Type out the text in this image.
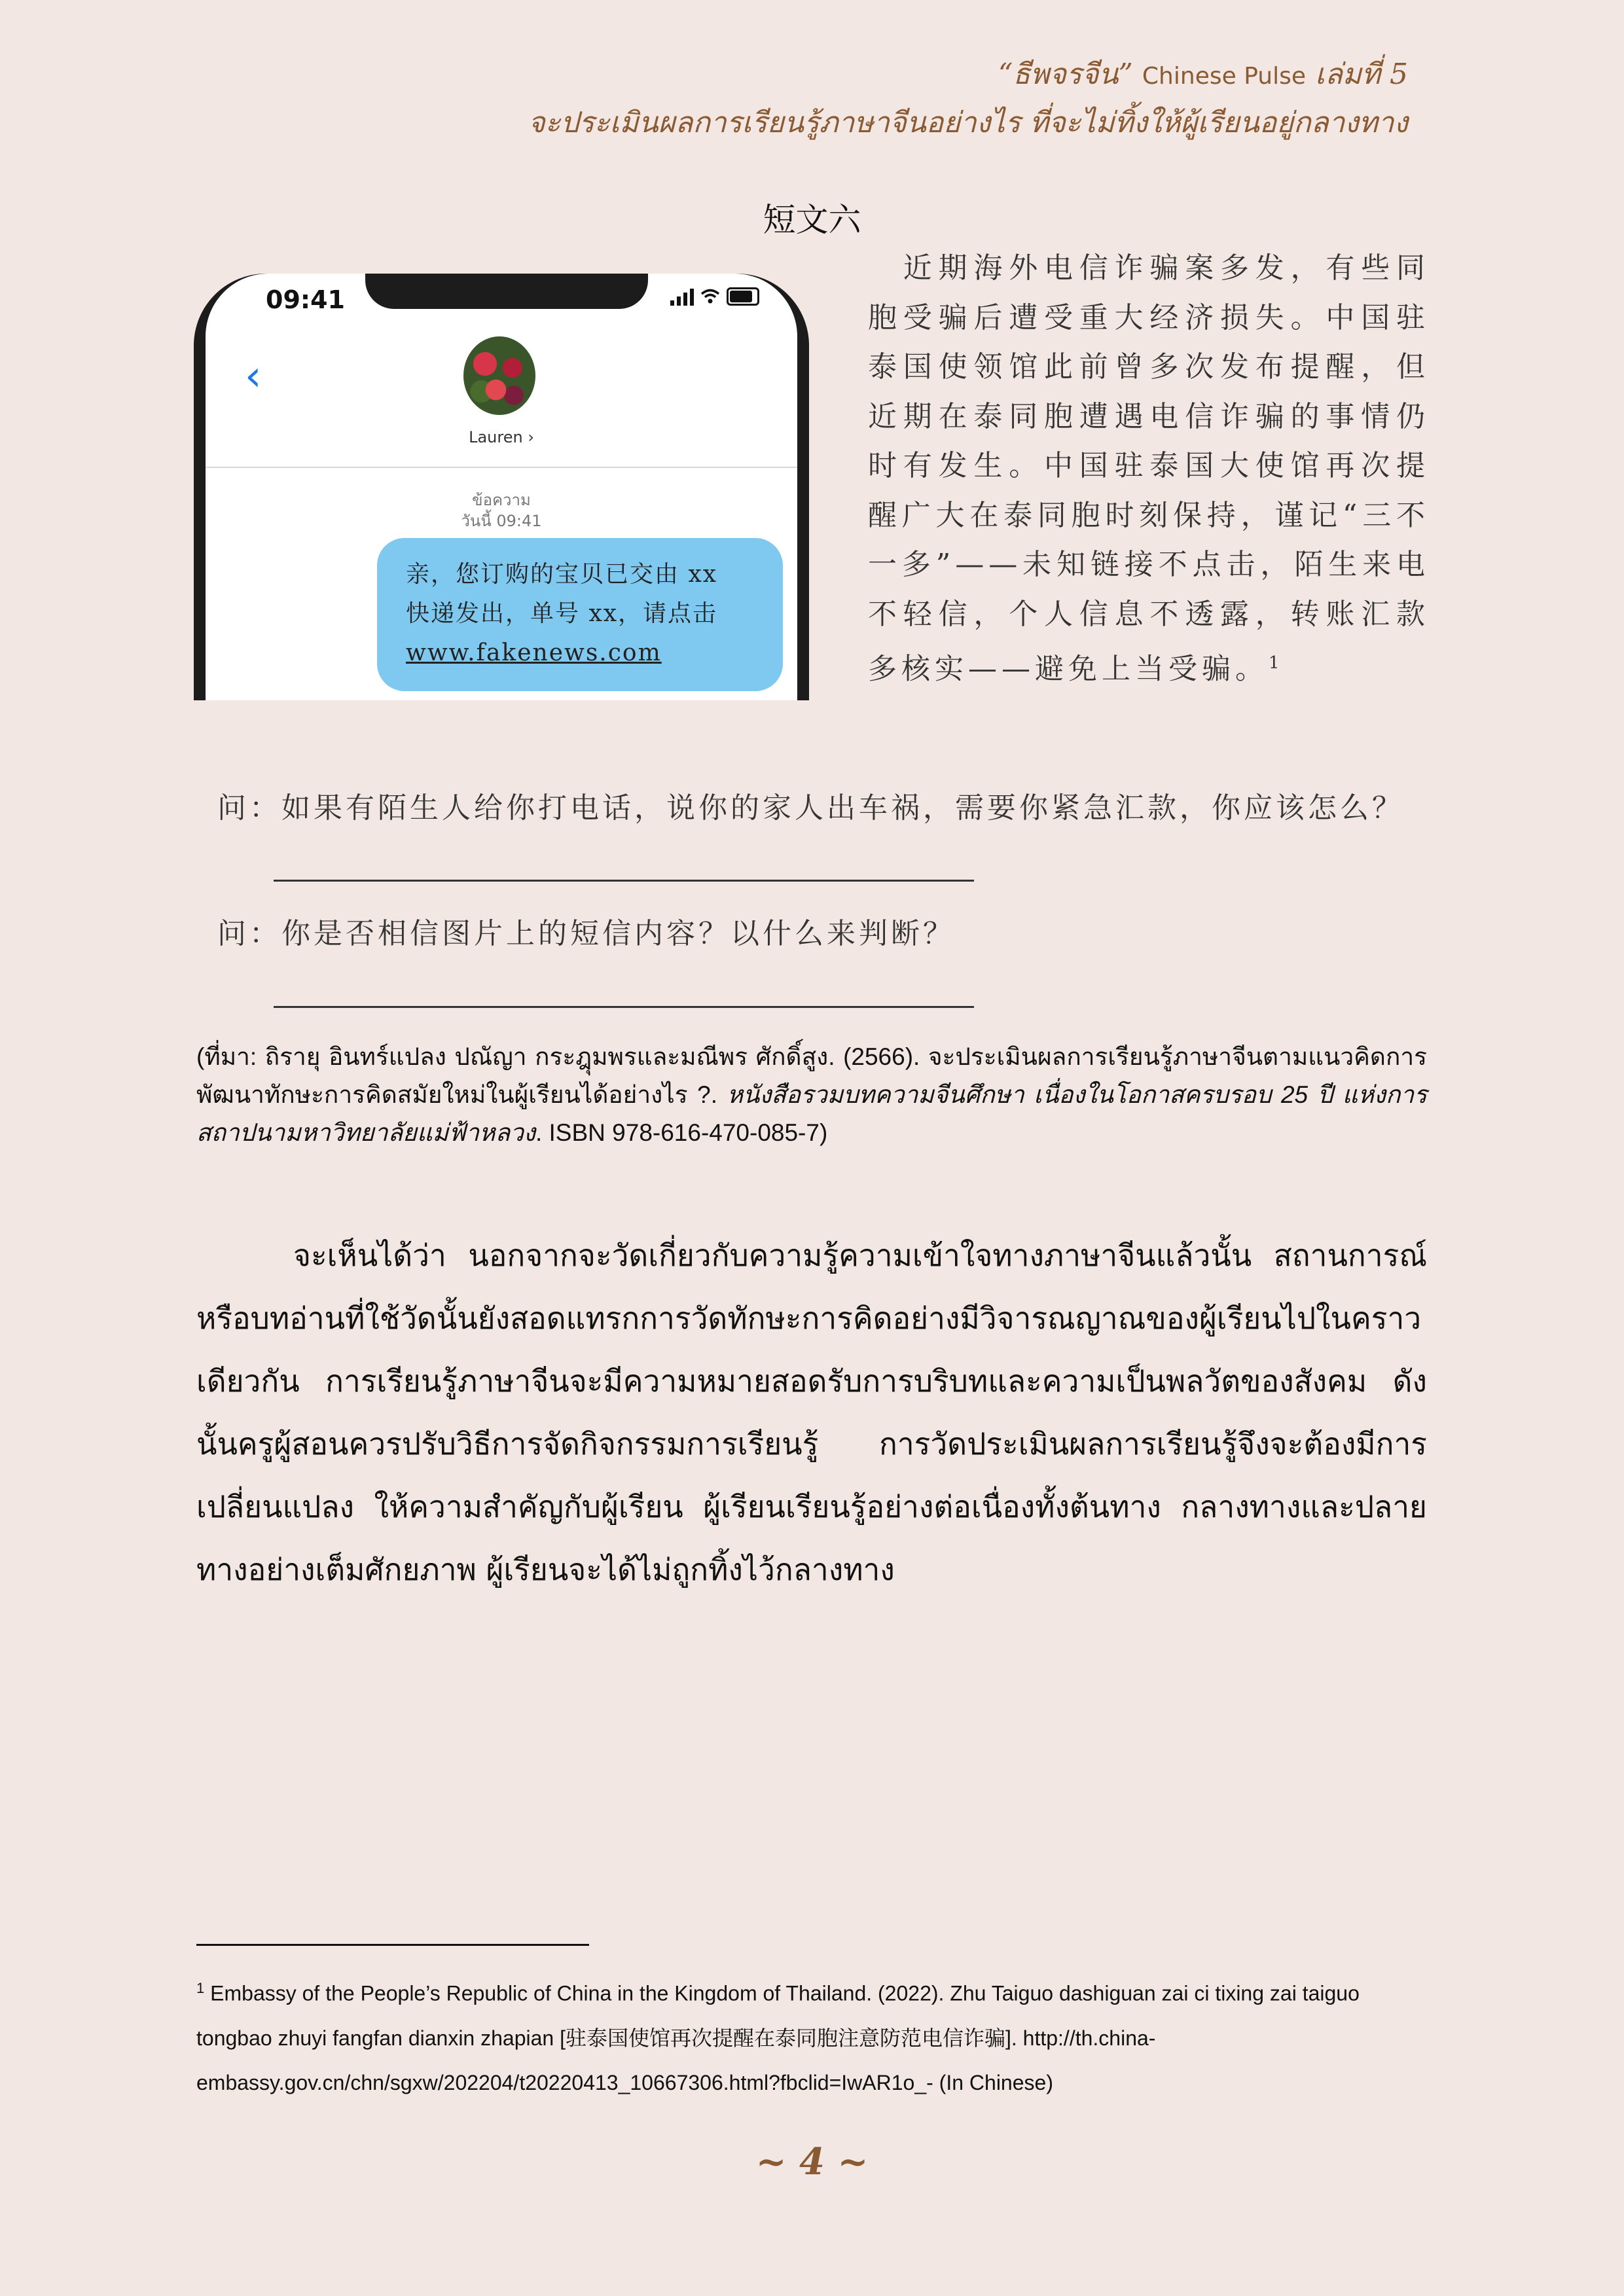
“ธีพจรจีน” Chinese Pulse เล่มที่ 5
จะประเมินผลการเรียนรู้ภาษาจีนอย่างไร ที่จะไม่ทิ้งให้ผู้เรียนอยู่กลางทาง
短文六
09:41
‹
Lauren ›
ข้อความ
วันนี้ 09:41
亲，您订购的宝贝已交由 xx
快递发出，单号 xx，请点击
www.fakenews.com
　近期海外电信诈骗案多发，有些同胞受骗后遭受重大经济损失。中国驻泰国使领馆此前曾多次发布提醒，但近期在泰同胞遭遇电信诈骗的事情仍时有发生。中国驻泰国大使馆再次提醒广大在泰同胞时刻保持，谨记“三不一多”——未知链接不点击，陌生来电不轻信，个人信息不透露，转账汇款多核实——避免上当受骗。$^1$
问：如果有陌生人给你打电话，说你的家人出车祸，需要你紧急汇款，你应该怎么？
问：你是否相信图片上的短信内容？以什么来判断？
(ที่มา: ถิรายุ อินทร์แปลง ปณัญา กระฎุมพรและมณีพร ศักดิ์สูง. (2566). จะประเมินผลการเรียนรู้ภาษาจีนตามแนวคิดการพัฒนาทักษะการคิดสมัยใหม่ในผู้เรียนได้อย่างไร ?. หนังสือรวมบทความจีนศึกษา เนื่องในโอกาสครบรอบ 25 ปี แห่งการสถาปนามหาวิทยาลัยแม่ฟ้าหลวง. ISBN 978-616-470-085-7)
จะเห็นได้ว่า นอกจากจะวัดเกี่ยวกับความรู้ความเข้าใจทางภาษาจีนแล้วนั้น สถานการณ์หรือบทอ่านที่ใช้วัดนั้นยังสอดแทรกการวัดทักษะการคิดอย่างมีวิจารณญาณของผู้เรียนไปในคราวเดียวกัน การเรียนรู้ภาษาจีนจะมีความหมายสอดรับการบริบทและความเป็นพลวัตของสังคม ดังนั้นครูผู้สอนควรปรับวิธีการจัดกิจกรรมการเรียนรู้ การวัดประเมินผลการเรียนรู้จึงจะต้องมีการเปลี่ยนแปลง ให้ความสำคัญกับผู้เรียน ผู้เรียนเรียนรู้อย่างต่อเนื่องทั้งต้นทาง กลางทางและปลายทางอย่างเต็มศักยภาพ ผู้เรียนจะได้ไม่ถูกทิ้งไว้กลางทาง
$^1$ Embassy of the People’s Republic of China in the Kingdom of Thailand. (2022). Zhu Taiguo dashiguan zai ci tixing zai taiguo tongbao zhuyi fangfan dianxin zhapian [驻泰国使馆再次提醒在泰同胞注意防范电信诈骗]. http://th.china- embassy.gov.cn/chn/sgxw/202204/t20220413_10667306.html?fbclid=IwAR1o_- (In Chinese)
~ 4 ~
